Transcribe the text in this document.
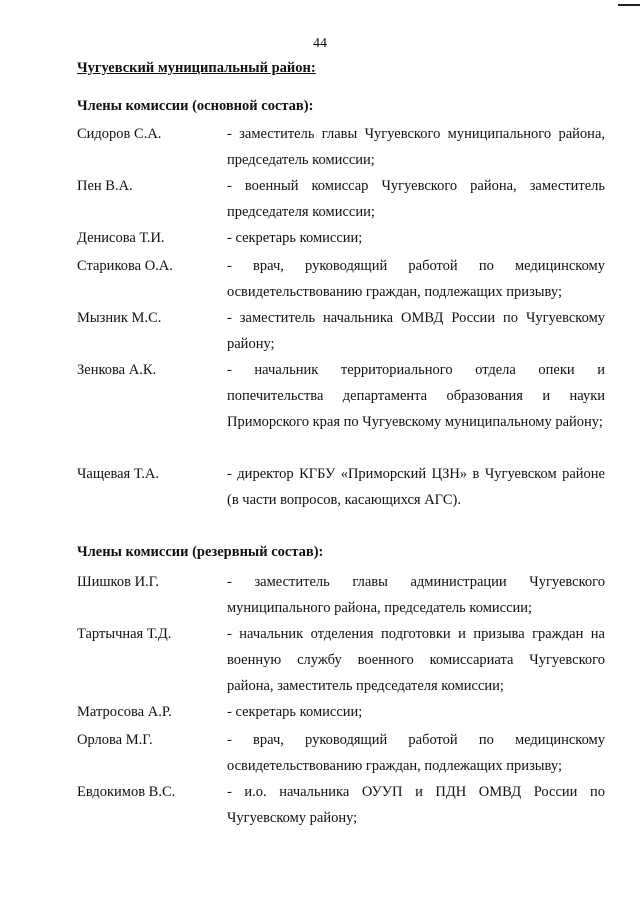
44
Чугуевский муниципальный район:
Члены комиссии (основной состав):
Сидоров С.А.	- заместитель главы Чугуевского муниципального района, председатель комиссии;
Пен В.А.	- военный комиссар Чугуевского района, заместитель председателя комиссии;
Денисова Т.И.	- секретарь комиссии;
Старикова О.А.	- врач, руководящий работой по медицинскому освидетельствованию граждан, подлежащих призыву;
Мызник М.С.	- заместитель начальника ОМВД России по Чугуевскому району;
Зенкова А.К.	- начальник территориального отдела опеки и попечительства департамента образования и науки Приморского края по Чугуевскому муниципальному району;
Чащевая Т.А.	- директор КГБУ «Приморский ЦЗН» в Чугуевском районе (в части вопросов, касающихся АГС).
Члены комиссии (резервный состав):
Шишков И.Г.	- заместитель главы администрации Чугуевского муниципального района, председатель комиссии;
Тартычная Т.Д.	- начальник отделения подготовки и призыва граждан на военную службу военного комиссариата Чугуевского района, заместитель председателя комиссии;
Матросова А.Р.	- секретарь комиссии;
Орлова М.Г.	- врач, руководящий работой по медицинскому освидетельствованию граждан, подлежащих призыву;
Евдокимов В.С.	- и.о. начальника ОУУП и ПДН ОМВД России по Чугуевскому району;
